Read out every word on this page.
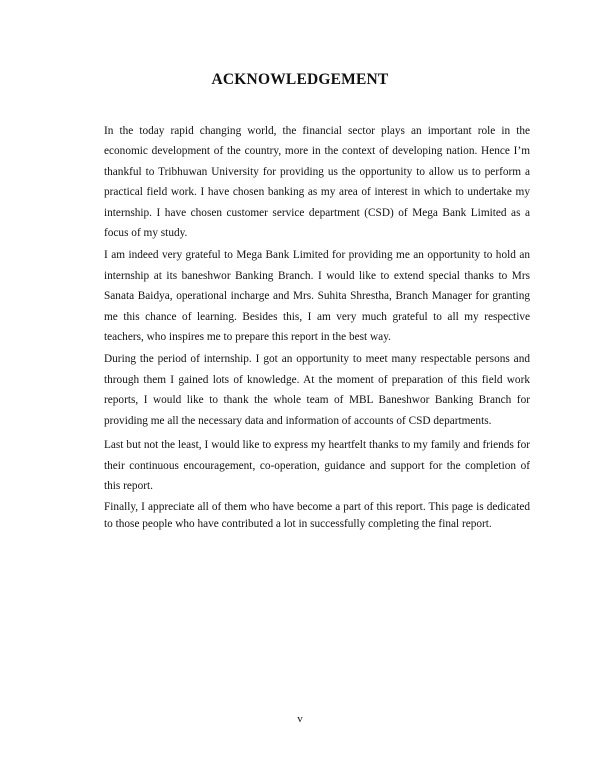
ACKNOWLEDGEMENT

In the today rapid changing world, the financial sector plays an important role in the economic development of the country, more in the context of developing nation. Hence I’m thankful to Tribhuwan University for providing us the opportunity to allow us to perform a practical field work. I have chosen banking as my area of interest in which to undertake my internship. I have chosen customer service department (CSD) of Mega Bank Limited as a focus of my study.

I am indeed very grateful to Mega Bank Limited for providing me an opportunity to hold an internship at its baneshwor Banking Branch. I would like to extend special thanks to Mrs Sanata Baidya, operational incharge and Mrs. Suhita Shrestha, Branch Manager for granting me this chance of learning. Besides this, I am very much grateful to all my respective teachers, who inspires me to prepare this report in the best way.

During the period of internship. I got an opportunity to meet many respectable persons and through them I gained lots of knowledge. At the moment of preparation of this field work reports, I would like to thank the whole team of MBL Baneshwor Banking Branch for providing me all the necessary data and information of accounts of CSD departments.

Last but not the least, I would like to express my heartfelt thanks to my family and friends for their continuous encouragement, co-operation, guidance and support for the completion of this report.

Finally, I appreciate all of them who have become a part of this report. This page is dedicated to those people who have contributed a lot in successfully completing the final report.

v
